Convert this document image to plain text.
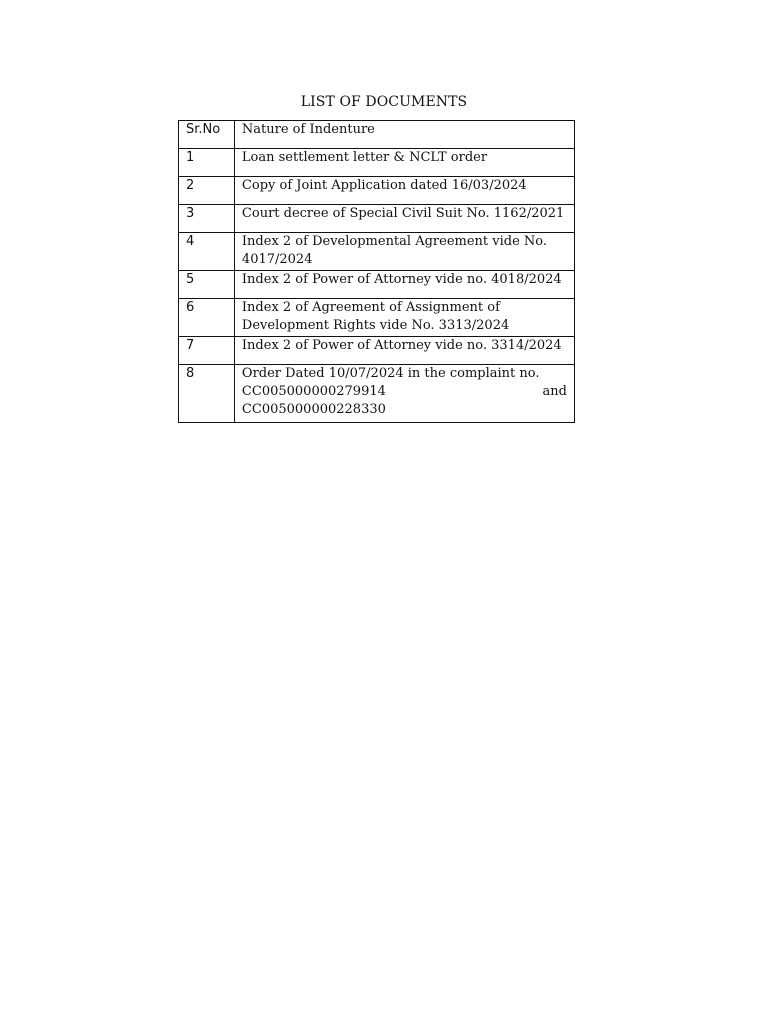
LIST OF DOCUMENTS
Sr.No	Nature of Indenture
1	Loan settlement letter & NCLT order
2	Copy of Joint Application dated 16/03/2024
3	Court decree of Special Civil Suit No. 1162/2021
4	Index 2 of Developmental Agreement vide No. 4017/2024
5	Index 2 of Power of Attorney vide no. 4018/2024
6	Index 2 of Agreement of Assignment of Development Rights vide No. 3313/2024
7	Index 2 of Power of Attorney vide no. 3314/2024
8	Order Dated 10/07/2024 in the complaint no. CC005000000279914 and
CC005000000228330
